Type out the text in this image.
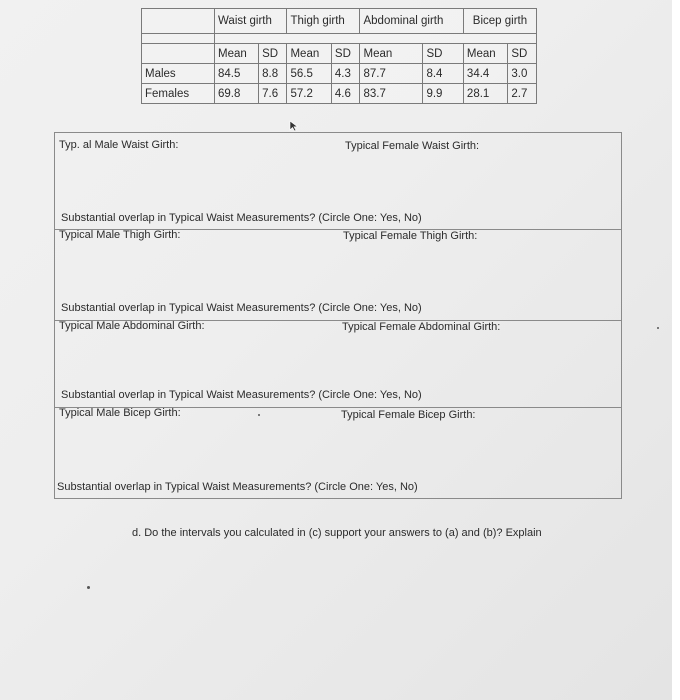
	Waist girth		Thigh girth		Abdominal girth		Bicep girth	

	Mean	SD	Mean	SD	Mean	SD	Mean	SD
Males	84.5	8.8	56.5	4.3	87.7	8.4	34.4	3.0
Females	69.8	7.6	57.2	4.6	83.7	9.9	28.1	2.7
Typ. al Male Waist Girth:	Typical Female Waist Girth:
Substantial overlap in Typical Waist Measurements? (Circle One: Yes, No)
Typical Male Thigh Girth:	Typical Female Thigh Girth:
Substantial overlap in Typical Waist Measurements? (Circle One: Yes, No)
Typical Male Abdominal Girth:	Typical Female Abdominal Girth:
Substantial overlap in Typical Waist Measurements? (Circle One: Yes, No)
Typical Male Bicep Girth:	Typical Female Bicep Girth:
Substantial overlap in Typical Waist Measurements? (Circle One: Yes, No)
d. Do the intervals you calculated in (c) support your answers to (a) and (b)? Explain
